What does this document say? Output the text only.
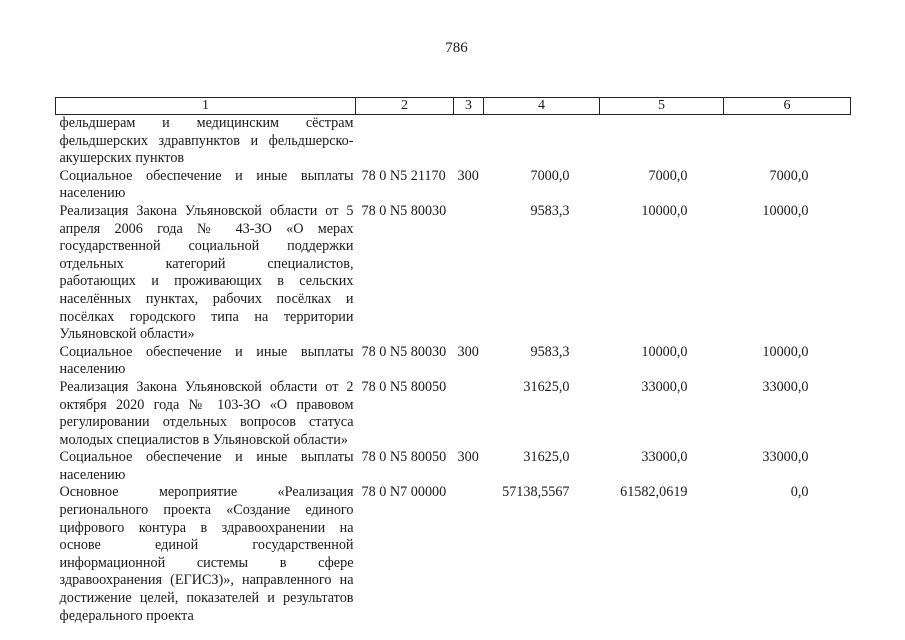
786
1	2	3	4	5	6
фельдшерам и медицинским сёстрам фельдшерских здравпунктов и фельдшерско-акушерских пунктов					
Социальное обеспечение и иные выплаты населению	78 0 N5 21170	300	7000,0	7000,0	7000,0
Реализация Закона Ульяновской области от 5 апреля 2006 года № 43-ЗО «О мерах государственной социальной поддержки отдельных категорий специалистов, работающих и проживающих в сельских населённых пунктах, рабочих посёлках и посёлках городского типа на территории Ульяновской области»	78 0 N5 80030		9583,3	10000,0	10000,0
Социальное обеспечение и иные выплаты населению	78 0 N5 80030	300	9583,3	10000,0	10000,0
Реализация Закона Ульяновской области от 2 октября 2020 года № 103-ЗО «О правовом регулировании отдельных вопросов статуса молодых специалистов в Ульяновской области»	78 0 N5 80050		31625,0	33000,0	33000,0
Социальное обеспечение и иные выплаты населению	78 0 N5 80050	300	31625,0	33000,0	33000,0
Основное мероприятие «Реализация регионального проекта «Создание единого цифрового контура в здравоохранении на основе единой государственной информационной системы в сфере здравоохранения (ЕГИСЗ)», направленного на достижение целей, показателей и результатов федерального проекта	78 0 N7 00000		57138,5567	61582,0619	0,0
